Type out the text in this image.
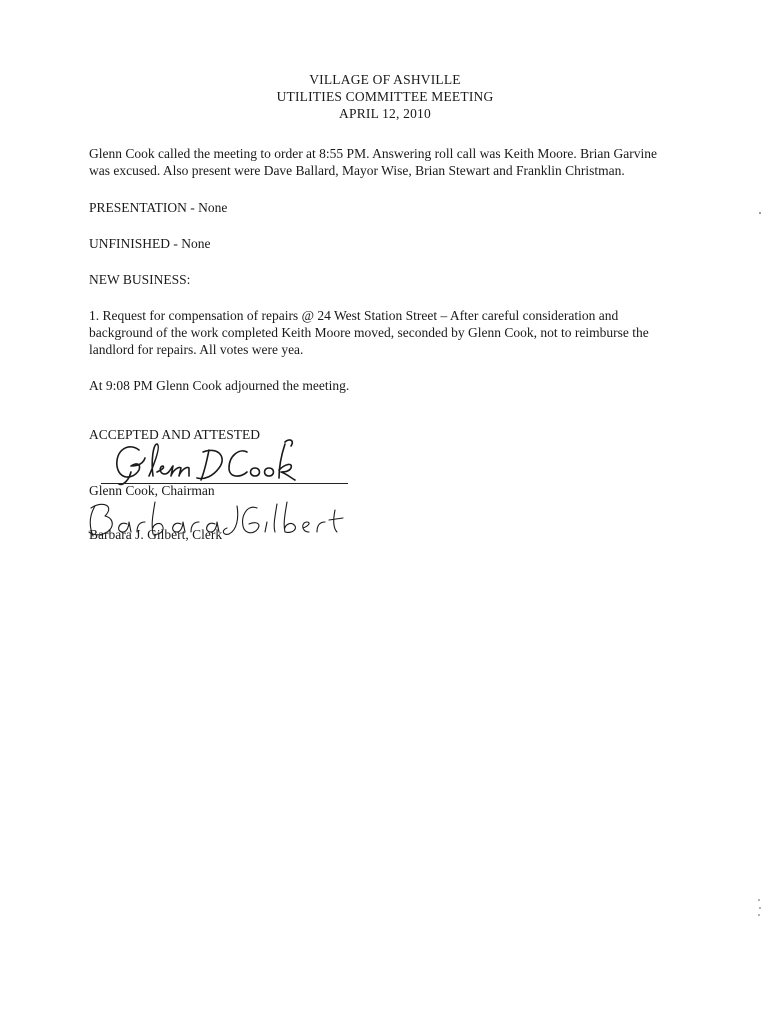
VILLAGE OF ASHVILLE
UTILITIES COMMITTEE MEETING
APRIL 12, 2010

Glenn Cook called the meeting to order at 8:55 PM. Answering roll call was Keith Moore. Brian Garvine was excused. Also present were Dave Ballard, Mayor Wise, Brian Stewart and Franklin Christman.

PRESENTATION - None

UNFINISHED - None

NEW BUSINESS:

1. Request for compensation of repairs @ 24 West Station Street – After careful consideration and background of the work completed Keith Moore moved, seconded by Glenn Cook, not to reimburse the landlord for repairs. All votes were yea.

At 9:08 PM Glenn Cook adjourned the meeting.

ACCEPTED AND ATTESTED
Glenn Cook, Chairman
Barbara J. Gilbert, Clerk
